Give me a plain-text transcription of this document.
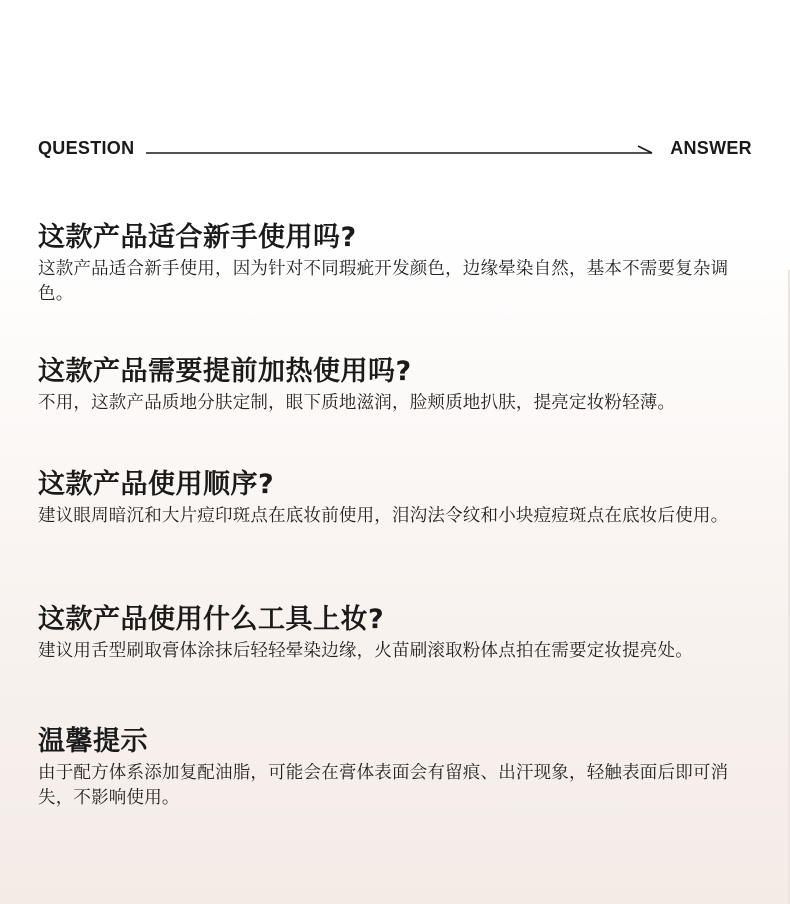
QUESTION	ANSWER
这款产品适合新手使用吗?
这款产品适合新手使用，因为针对不同瑕疵开发颜色，边缘晕染自然，基本不需要复杂调色。
这款产品需要提前加热使用吗?
不用，这款产品质地分肤定制，眼下质地滋润，脸颊质地扒肤，提亮定妆粉轻薄。
这款产品使用顺序?
建议眼周暗沉和大片痘印斑点在底妆前使用，泪沟法令纹和小块痘痘斑点在底妆后使用。
这款产品使用什么工具上妆?
建议用舌型刷取膏体涂抹后轻轻晕染边缘，火苗刷滚取粉体点拍在需要定妆提亮处。
温馨提示
由于配方体系添加复配油脂，可能会在膏体表面会有留痕、出汗现象，轻触表面后即可消失，不影响使用。
